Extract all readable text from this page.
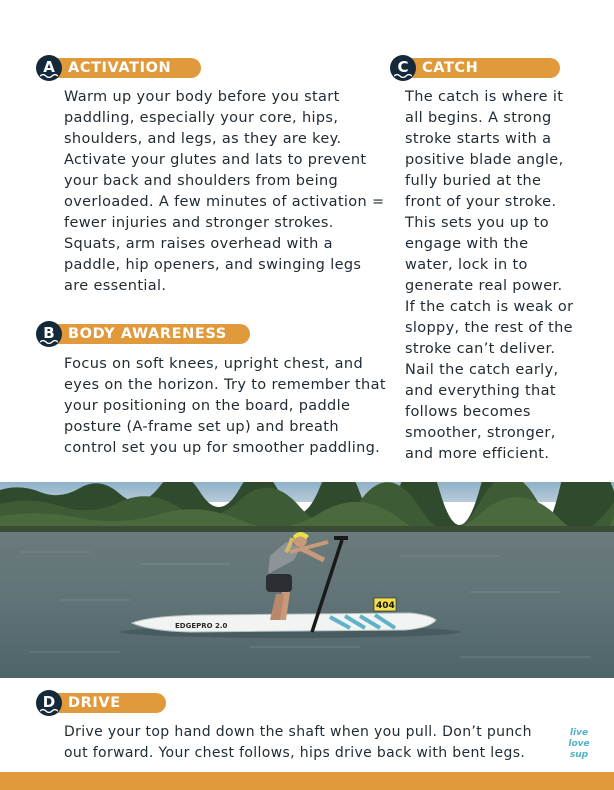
ACTIVATION
A
Warm up your body before you start
paddling, especially your core, hips,
shoulders, and legs, as they are key.
Activate your glutes and lats to prevent
your back and shoulders from being
overloaded. A few minutes of activation =
fewer injuries and stronger strokes.
Squats, arm raises overhead with a
paddle, hip openers, and swinging legs
are essential.
BODY AWARENESS
B
Focus on soft knees, upright chest, and
eyes on the horizon. Try to remember that
your positioning on the board, paddle
posture (A-frame set up) and breath
control set you up for smoother paddling.
CATCH
C
The catch is where it
all begins. A strong
stroke starts with a
positive blade angle,
fully buried at the
front of your stroke.
This sets you up to
engage with the
water, lock in to
generate real power.
If the catch is weak or
sloppy, the rest of the
stroke can’t deliver.
Nail the catch early,
and everything that
follows becomes
smoother, stronger,
and more efficient.
EDGEPRO 2.0
404
DRIVE
D
Drive your top hand down the shaft when you pull. Don’t punch
out forward. Your chest follows, hips drive back with bent legs.
live
love
sup
